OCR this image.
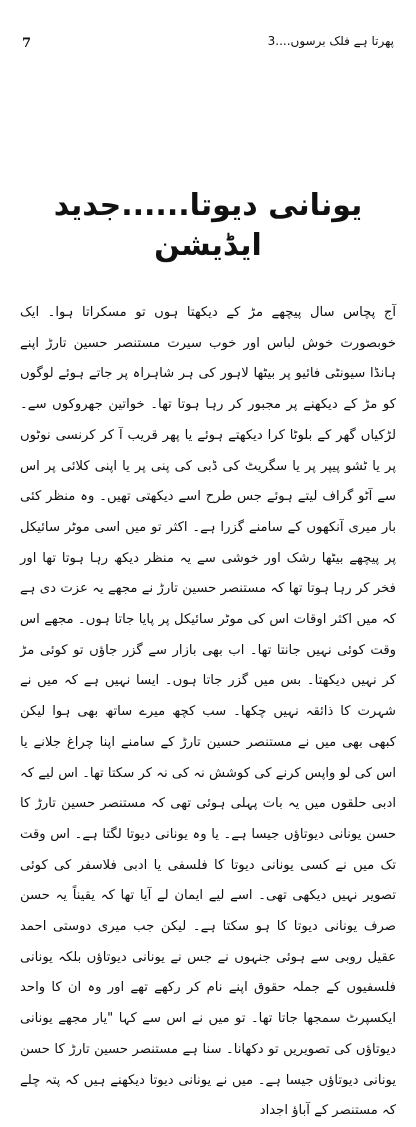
7	پھرتا ہے فلک برسوں....3
یونانی دیوتا......جدید ایڈیشن

آج پچاس سال پیچھے مڑ کے دیکھتا ہوں تو مسکراتا ہوا۔ ایک خوبصورت خوش لباس اور خوب سیرت مستنصر حسین تارڑ اپنے ہانڈا سیونٹی فائیو پر بیٹھا لاہور کی ہر شاہراہ پر جاتے ہوئے لوگوں کو مڑ کے دیکھنے پر مجبور کر رہا ہوتا تھا۔ خواتین جھروکوں سے۔ لڑکیاں گھر کے بلوٹا کرا دیکھتے ہوئے یا پھر قریب آ کر کرنسی نوٹوں پر یا ٹشو پیپر پر یا سگریٹ کی ڈبی کی پنی پر یا اپنی کلائی پر اس سے آٹو گراف لیتے ہوئے جس طرح اسے دیکھتی تھیں۔ وہ منظر کئی بار میری آنکھوں کے سامنے گزرا ہے۔ اکثر تو میں اسی موٹر سائیکل پر پیچھے بیٹھا رشک اور خوشی سے یہ منظر دیکھ رہا ہوتا تھا اور فخر کر رہا ہوتا تھا کہ مستنصر حسین تارڑ نے مجھے یہ عزت دی ہے کہ میں اکثر اوقات اس کی موٹر سائیکل پر پایا جاتا ہوں۔ مجھے اس وقت کوئی نہیں جانتا تھا۔ اب بھی بازار سے گزر جاؤں تو کوئی مڑ کر نہیں دیکھتا۔ بس میں گزر جاتا ہوں۔ ایسا نہیں ہے کہ میں نے شہرت کا ذائقہ نہیں چکھا۔ سب کچھ میرے ساتھ بھی ہوا لیکن کبھی بھی میں نے مستنصر حسین تارڑ کے سامنے اپنا چراغ جلانے یا اس کی لو واپس کرنے کی کوشش نہ کی نہ کر سکتا تھا۔ اس لیے کہ ادبی حلقوں میں یہ بات پہلی ہوئی تھی کہ مستنصر حسین تارڑ کا حسن یونانی دیوتاؤں جیسا ہے۔ یا وہ یونانی دیوتا لگتا ہے۔ اس وقت تک میں نے کسی یونانی دیوتا کا فلسفی یا ادبی فلاسفر کی کوئی تصویر نہیں دیکھی تھی۔ اسے لیے ایمان لے آیا تھا کہ یقیناً یہ حسن صرف یونانی دیوتا کا ہو سکتا ہے۔ لیکن جب میری دوستی احمد عقیل روبی سے ہوئی جنہوں نے جس نے یونانی دیوتاؤں بلکہ یونانی فلسفیوں کے جملہ حقوق اپنے نام کر رکھے تھے اور وہ ان کا واحد ایکسپرٹ سمجھا جاتا تھا۔ تو میں نے اس سے کہا "یار مجھے یونانی دیوتاؤں کی تصویریں تو دکھانا۔ سنا ہے مستنصر حسین تارڑ کا حسن یونانی دیوتاؤں جیسا ہے۔ میں نے یونانی دیوتا دیکھنے ہیں کہ پتہ چلے کہ مستنصر کے آباؤ اجداد
